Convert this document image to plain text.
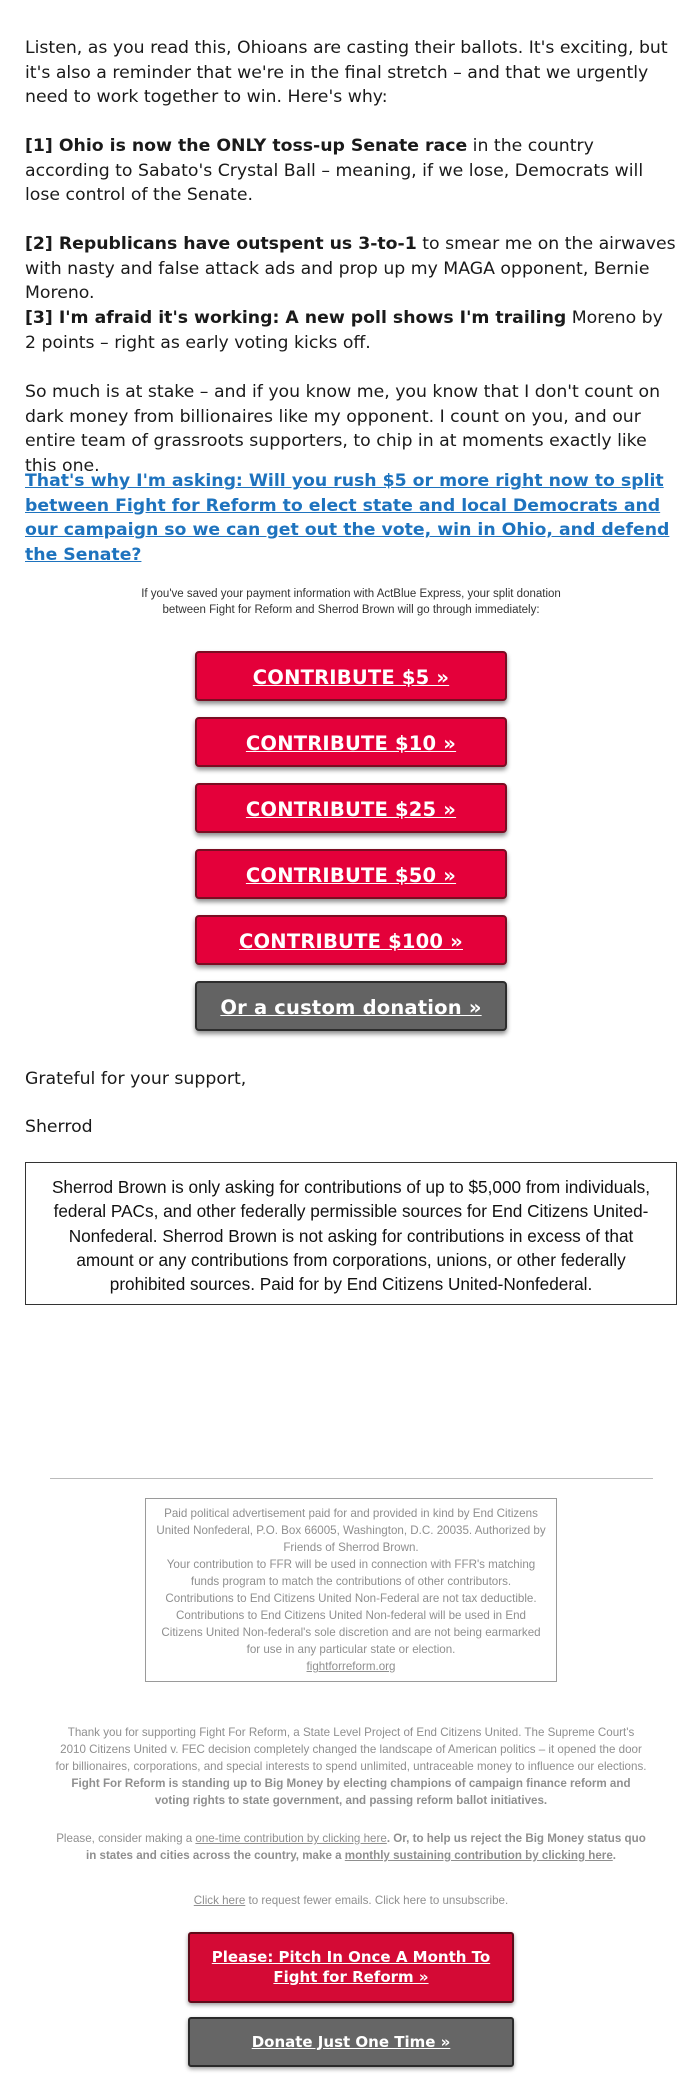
Listen, as you read this, Ohioans are casting their ballots. It's exciting, but it's also a reminder that we're in the final stretch – and that we urgently need to work together to win. Here's why:

[1] Ohio is now the ONLY toss-up Senate race in the country according to Sabato's Crystal Ball – meaning, if we lose, Democrats will lose control of the Senate.

[2] Republicans have outspent us 3-to-1 to smear me on the airwaves with nasty and false attack ads and prop up my MAGA opponent, Bernie Moreno.

[3] I'm afraid it's working: A new poll shows I'm trailing Moreno by 2 points – right as early voting kicks off.

So much is at stake – and if you know me, you know that I don't count on dark money from billionaires like my opponent. I count on you, and our entire team of grassroots supporters, to chip in at moments exactly like this one.

That's why I'm asking: Will you rush $5 or more right now to split between Fight for Reform to elect state and local Democrats and our campaign so we can get out the vote, win in Ohio, and defend the Senate?
If you've saved your payment information with ActBlue Express, your split donation between Fight for Reform and Sherrod Brown will go through immediately:
CONTRIBUTE $5 »
CONTRIBUTE $10 »
CONTRIBUTE $25 »
CONTRIBUTE $50 »
CONTRIBUTE $100 »
Or a custom donation »

Grateful for your support,

Sherrod

Sherrod Brown is only asking for contributions of up to $5,000 from individuals, federal PACs, and other federally permissible sources for End Citizens United-Nonfederal. Sherrod Brown is not asking for contributions in excess of that amount or any contributions from corporations, unions, or other federally prohibited sources. Paid for by End Citizens United-Nonfederal.

Paid political advertisement paid for and provided in kind by End Citizens United Nonfederal, P.O. Box 66005, Washington, D.C. 20035. Authorized by Friends of Sherrod Brown.

Your contribution to FFR will be used in connection with FFR's matching funds program to match the contributions of other contributors.

Contributions to End Citizens United Non-Federal are not tax deductible.

Contributions to End Citizens United Non-federal will be used in End Citizens United Non-federal's sole discretion and are not being earmarked for use in any particular state or election.

fightforreform.org

Thank you for supporting Fight For Reform, a State Level Project of End Citizens United. The Supreme Court's 2010 Citizens United v. FEC decision completely changed the landscape of American politics – it opened the door for billionaires, corporations, and special interests to spend unlimited, untraceable money to influence our elections. Fight For Reform is standing up to Big Money by electing champions of campaign finance reform and voting rights to state government, and passing reform ballot initiatives.

Please, consider making a one-time contribution by clicking here. Or, to help us reject the Big Money status quo in states and cities across the country, make a monthly sustaining contribution by clicking here.

Click here to request fewer emails. Click here to unsubscribe.

Please: Pitch In Once A Month To Fight for Reform »
Donate Just One Time »
